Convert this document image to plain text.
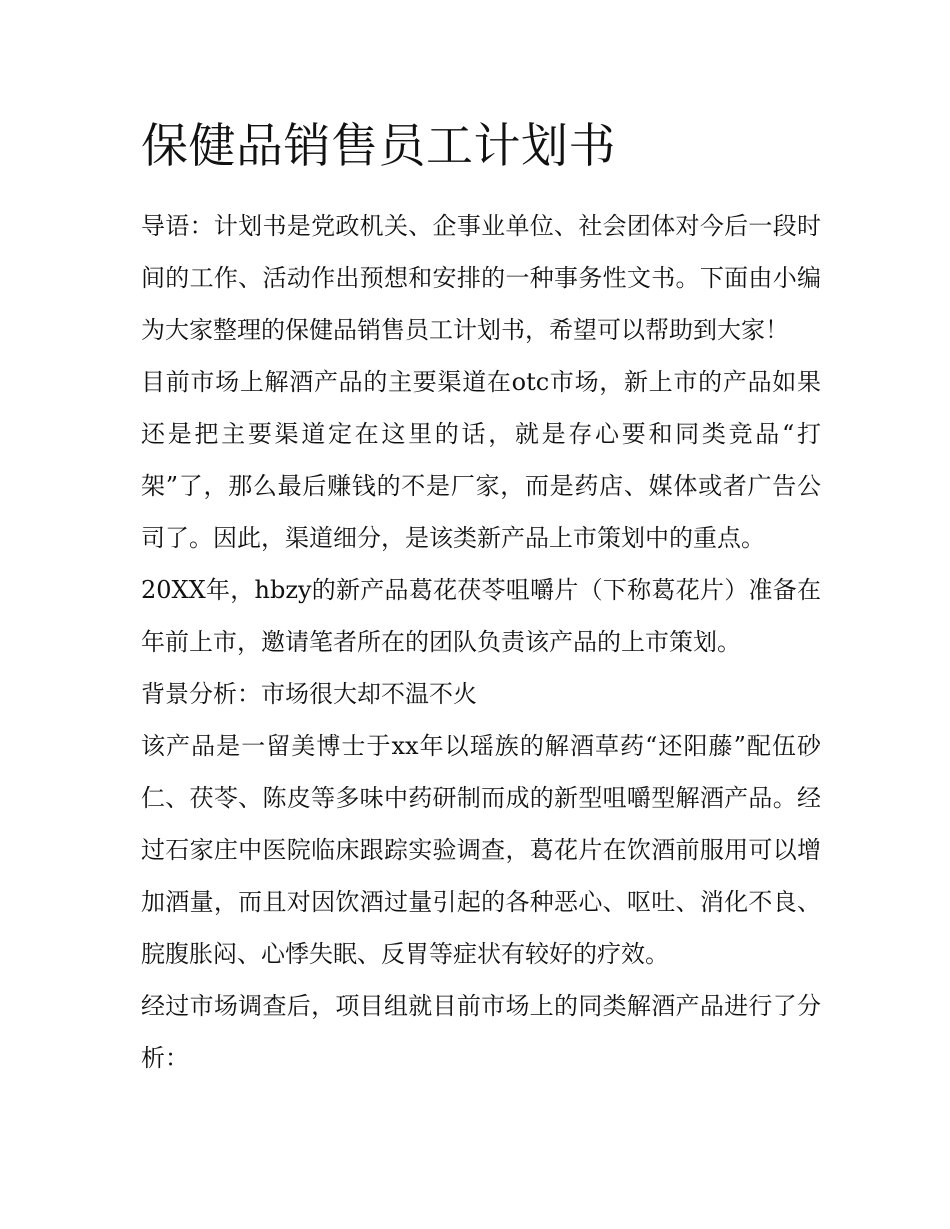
保健品销售员工计划书

导语：计划书是党政机关、企事业单位、社会团体对今后一段时间的工作、活动作出预想和安排的一种事务性文书。下面由小编为大家整理的保健品销售员工计划书，希望可以帮助到大家！

目前市场上解酒产品的主要渠道在otc市场，新上市的产品如果还是把主要渠道定在这里的话，就是存心要和同类竞品“打架”了，那么最后赚钱的不是厂家，而是药店、媒体或者广告公司了。因此，渠道细分，是该类新产品上市策划中的重点。

20XX年，hbzy的新产品葛花茯苓咀嚼片（下称葛花片）准备在年前上市，邀请笔者所在的团队负责该产品的上市策划。

背景分析：市场很大却不温不火

该产品是一留美博士于xx年以瑶族的解酒草药“还阳藤”配伍砂仁、茯苓、陈皮等多味中药研制而成的新型咀嚼型解酒产品。经过石家庄中医院临床跟踪实验调查，葛花片在饮酒前服用可以增加酒量，而且对因饮酒过量引起的各种恶心、呕吐、消化不良、脘腹胀闷、心悸失眠、反胃等症状有较好的疗效。

经过市场调查后，项目组就目前市场上的同类解酒产品进行了分析：
